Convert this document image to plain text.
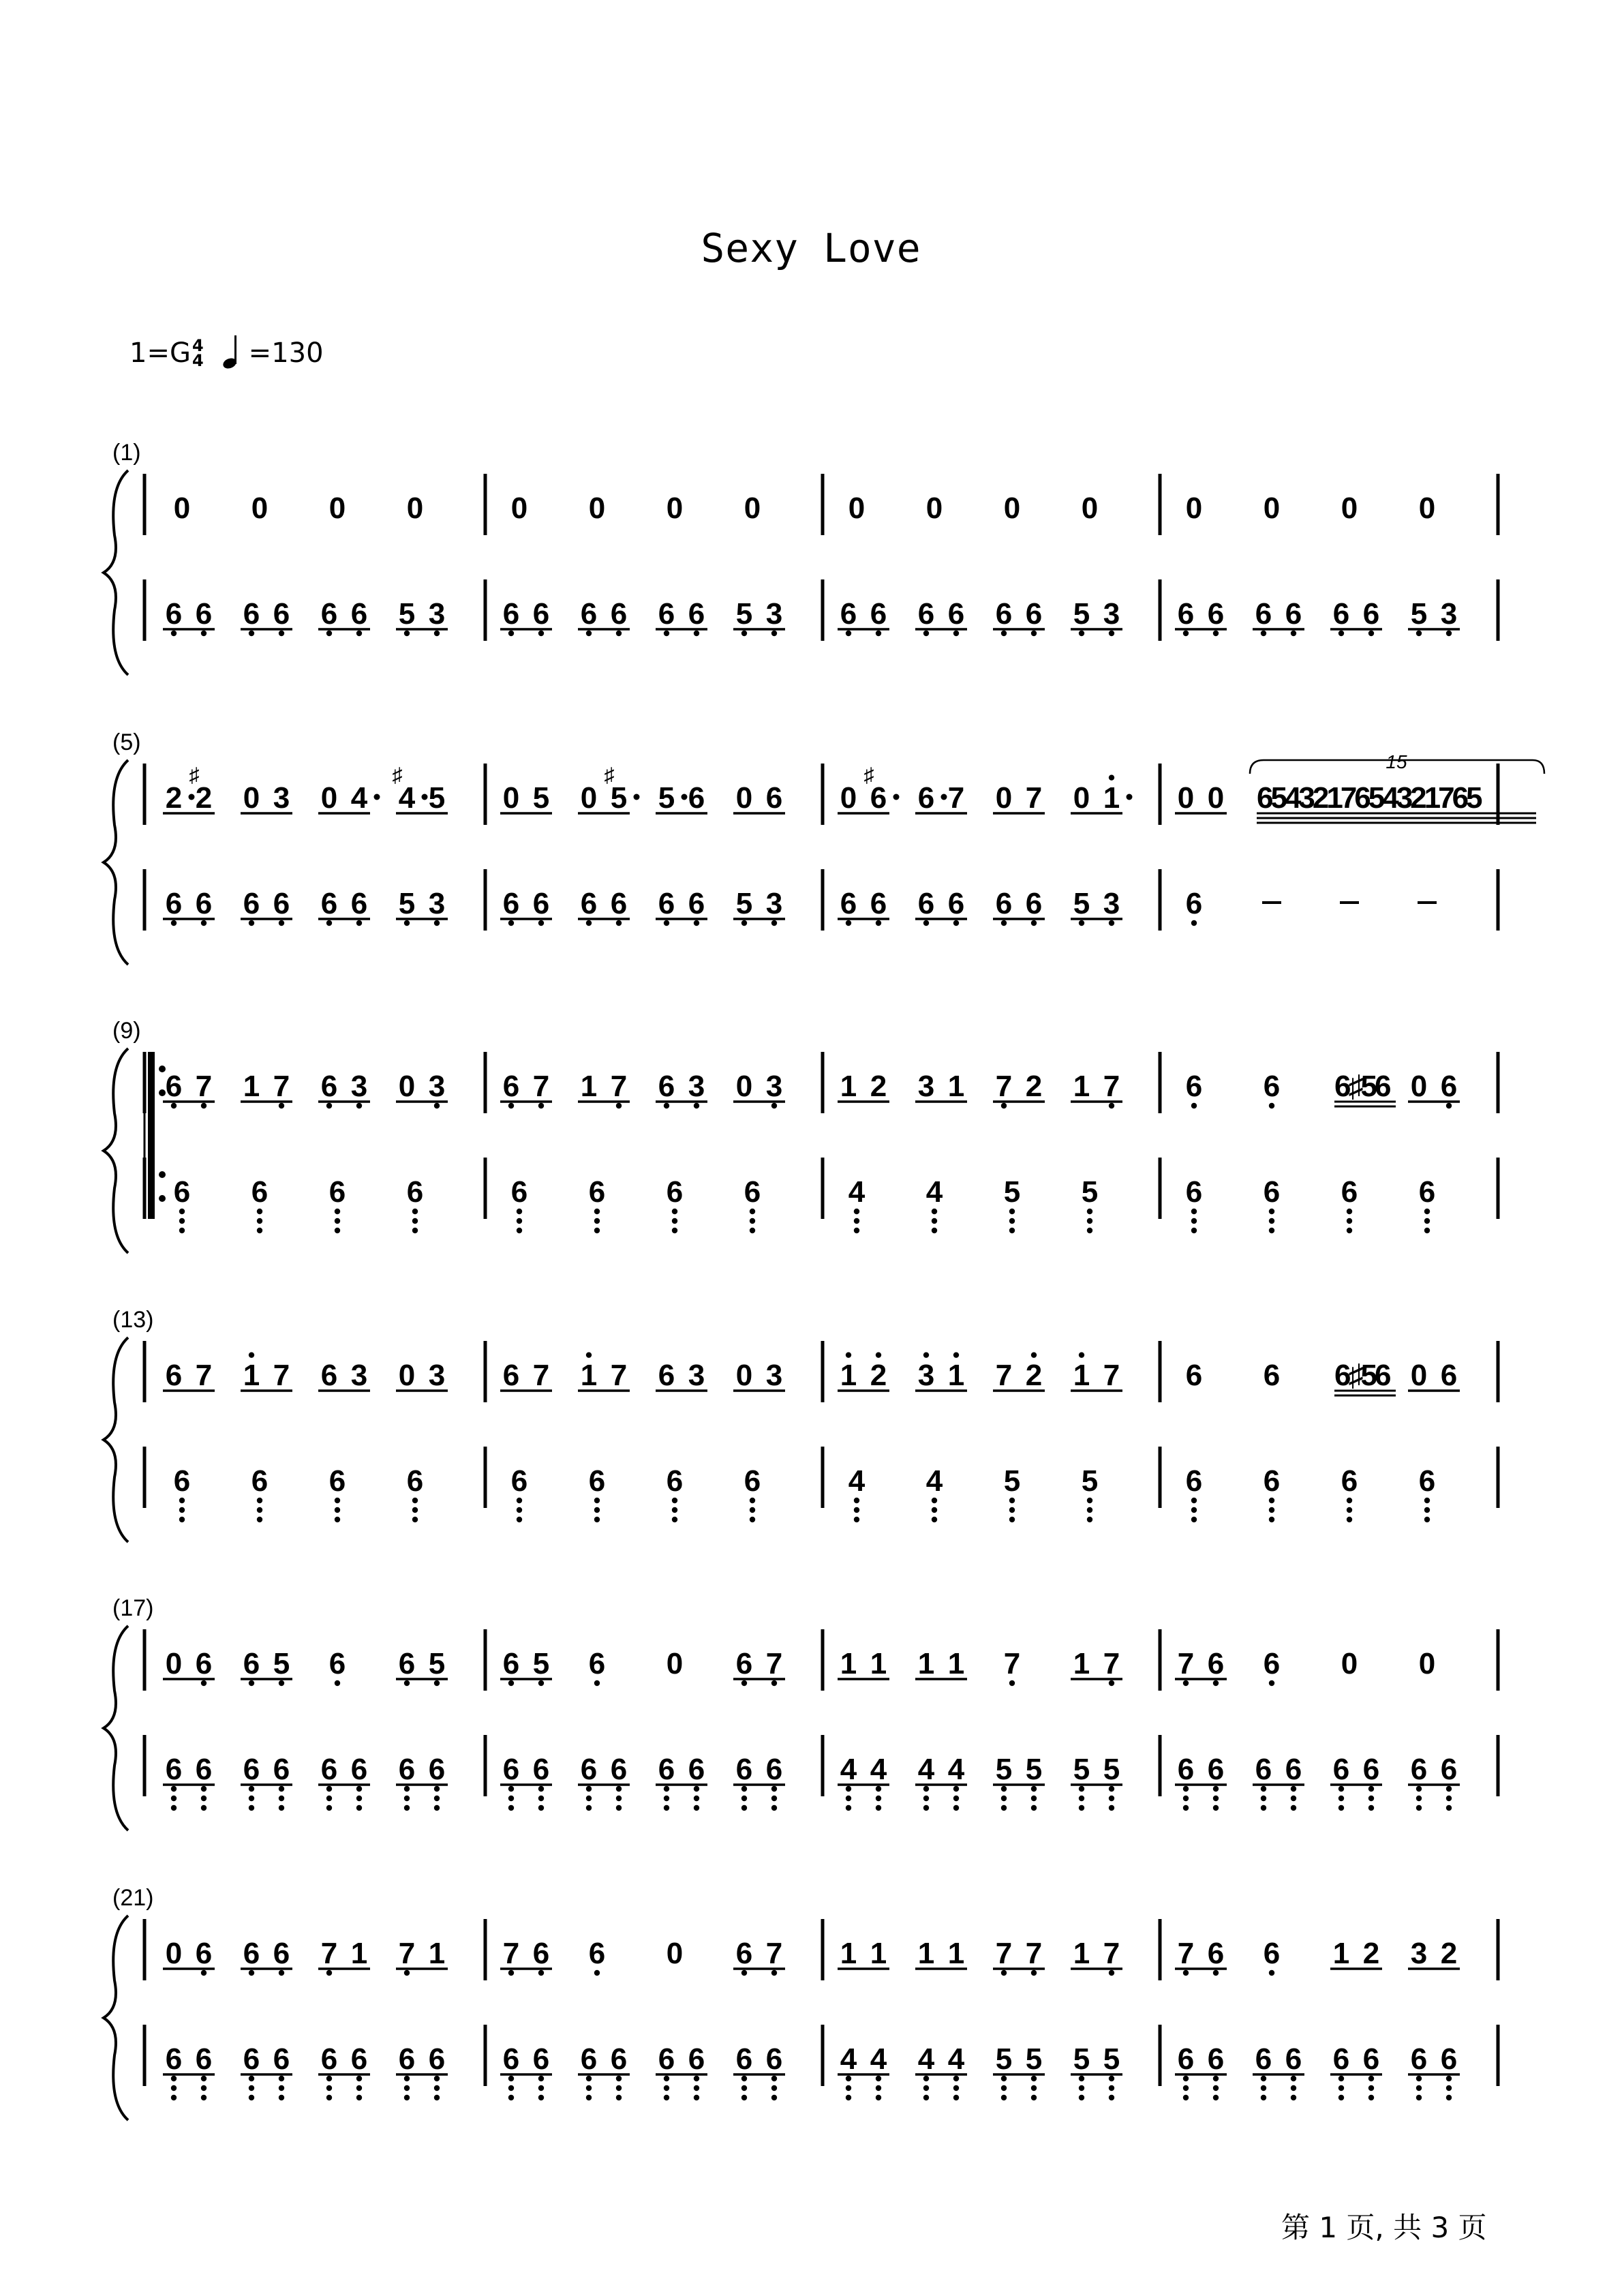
Sexy Love
1=G 4
4 =130
(1)
0 0 0 0
6 6 6 6 6 6 5 3
0 0 0 0
6 6 6 6 6 6 5 3
0 0 0 0
6 6 6 6 6 6 5 3
0 0 0 0
6 6 6 6 6 6 5 3
(5)
2 2
♯
0 3 0 4 4
♯
5
6 6 6 6 6 6 5 3
0 5 0 5
♯
5 6 0 6
6 6 6 6 6 6 5 3
0 6
♯
6 7 0 7 0 1
6 6 6 6 6 6 5 3
0 0 6543217654321765
15
6
(9)
6 7 1 7 6 3 0 3
6 6 6 6
6 7 1 7 6 3 0 3
6 6 6 6
1 2 3 1 7 2 1 7
4 4 5 5
6 6 6♯56 0 6
6 6 6 6
(13)
6 7 1 7 6 3 0 3
6 6 6 6
6 7 1 7 6 3 0 3
6 6 6 6
1 2 3 1 7 2 1 7
4 4 5 5
6 6 6♯56 0 6
6 6 6 6
(17)
0 6 6 5 6 6 5
6 6 6 6 6 6 6 6
6 5 6 0 6 7
6 6 6 6 6 6 6 6
1 1 1 1 7 1 7
4 4 4 4 5 5 5 5
7 6 6 0 0
6 6 6 6 6 6 6 6
(21)
0 6 6 6 7 1 7 1
6 6 6 6 6 6 6 6
7 6 6 0 6 7
6 6 6 6 6 6 6 6
1 1 1 1 7 7 1 7
4 4 4 4 5 5 5 5
7 6 6 1 2 3 2
6 6 6 6 6 6 6 6
第 1 页, 共 3 页
